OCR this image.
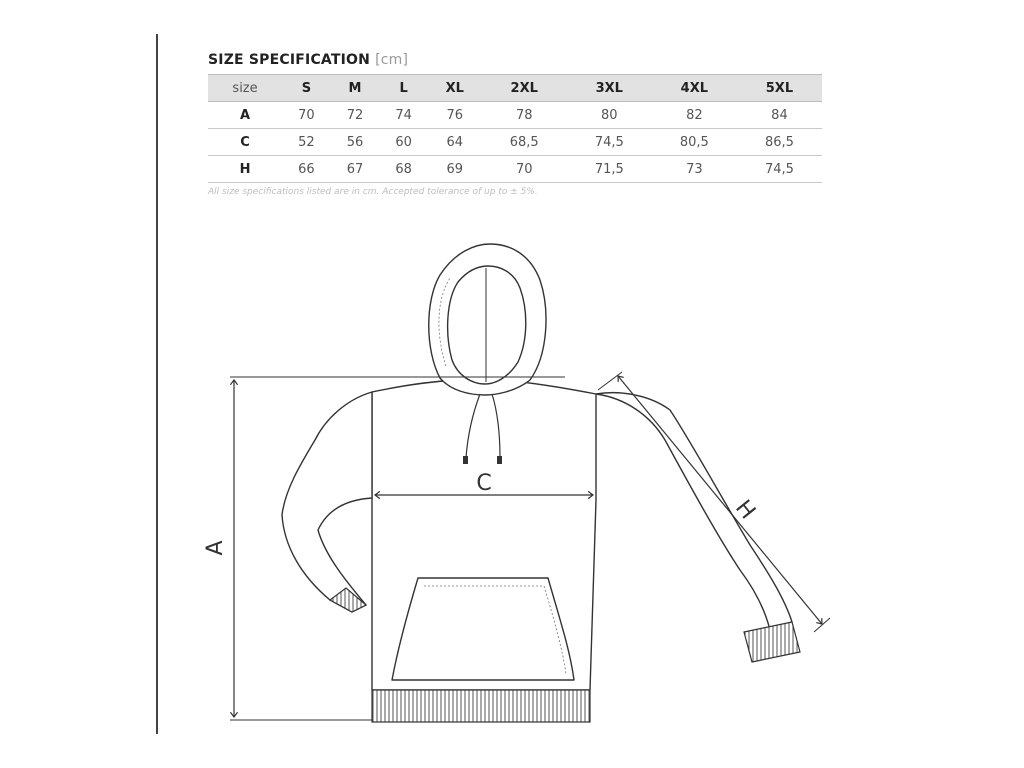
SIZE SPECIFICATION [cm]
size	S	M	L	XL	2XL	3XL	4XL	5XL
A	70	72	74	76	78	80	82	84
C	52	56	60	64	68,5	74,5	80,5	86,5
H	66	67	68	69	70	71,5	73	74,5
All size specifications listed are in cm. Accepted tolerance of up to ± 5%.
A
C
H
